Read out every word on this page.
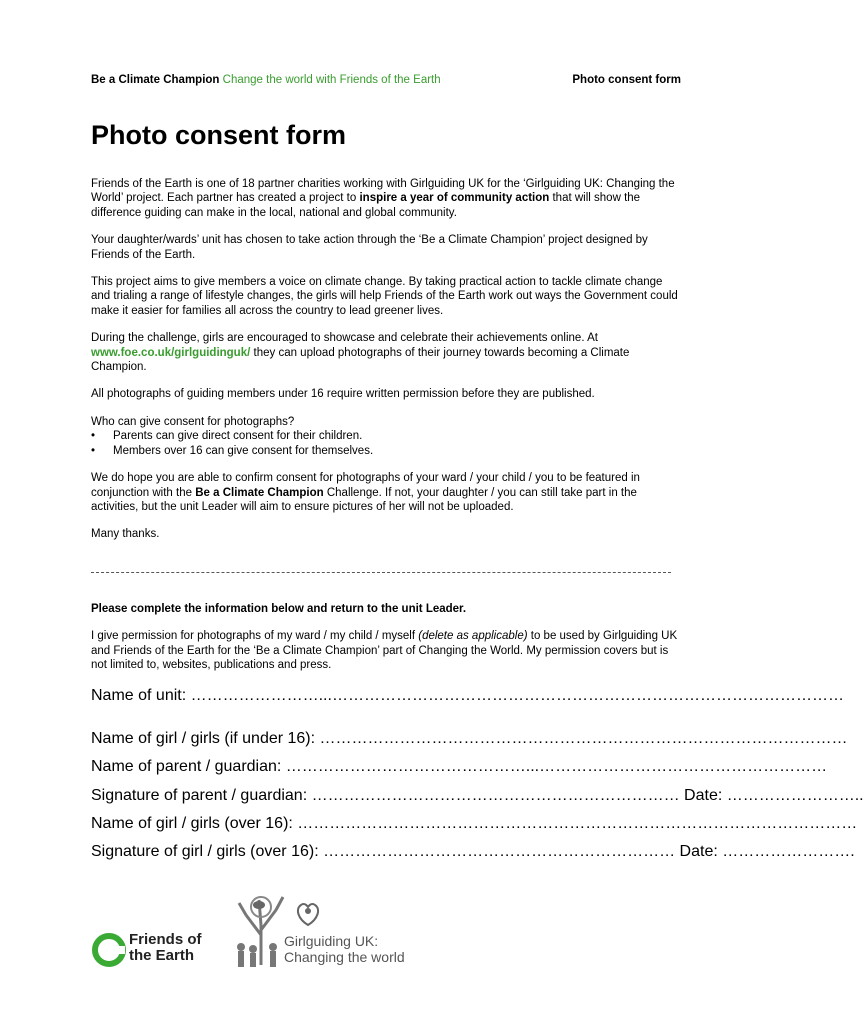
Be a Climate Champion Change the world with Friends of the Earth	Photo consent form
Photo consent form

Friends of the Earth is one of 18 partner charities working with Girlguiding UK for the ‘Girlguiding UK: Changing the World’ project. Each partner has created a project to inspire a year of community action that will show the difference guiding can make in the local, national and global community.

Your daughter/wards’ unit has chosen to take action through the ‘Be a Climate Champion’ project designed by Friends of the Earth.

This project aims to give members a voice on climate change. By taking practical action to tackle climate change and trialing a range of lifestyle changes, the girls will help Friends of the Earth work out ways the Government could make it easier for families all across the country to lead greener lives.

During the challenge, girls are encouraged to showcase and celebrate their achievements online. At www.foe.co.uk/girlguidinguk/ they can upload photographs of their journey towards becoming a Climate Champion.

All photographs of guiding members under 16 require written permission before they are published.

Who can give consent for photographs?

• Parents can give direct consent for their children.
• Members over 16 can give consent for themselves.

We do hope you are able to confirm consent for photographs of your ward / your child / you to be featured in conjunction with the Be a Climate Champion Challenge. If not, your daughter / you can still take part in the activities, but the unit Leader will aim to ensure pictures of her will not be uploaded.

Many thanks.

Please complete the information below and return to the unit Leader.

I give permission for photographs of my ward / my child / myself (delete as applicable) to be used by Girlguiding UK and Friends of the Earth for the ‘Be a Climate Champion’ part of Changing the World. My permission covers but is not limited to, websites, publications and press.

Name of unit: ……………………...……………………………………………………………………………………
Name of girl / girls (if under 16): ………………………………………………………………………………………
Name of parent / guardian: ………………………………………...………………………………………………
Signature of parent / guardian: …………………………………………………………… Date: ……………………..
Name of girl / girls (over 16): ……………………………………………………………………………………………
Signature of girl / girls (over 16): ………………………………………………………… Date: …………………….
Friends of
the Earth
Girlguiding UK:
Changing the world
